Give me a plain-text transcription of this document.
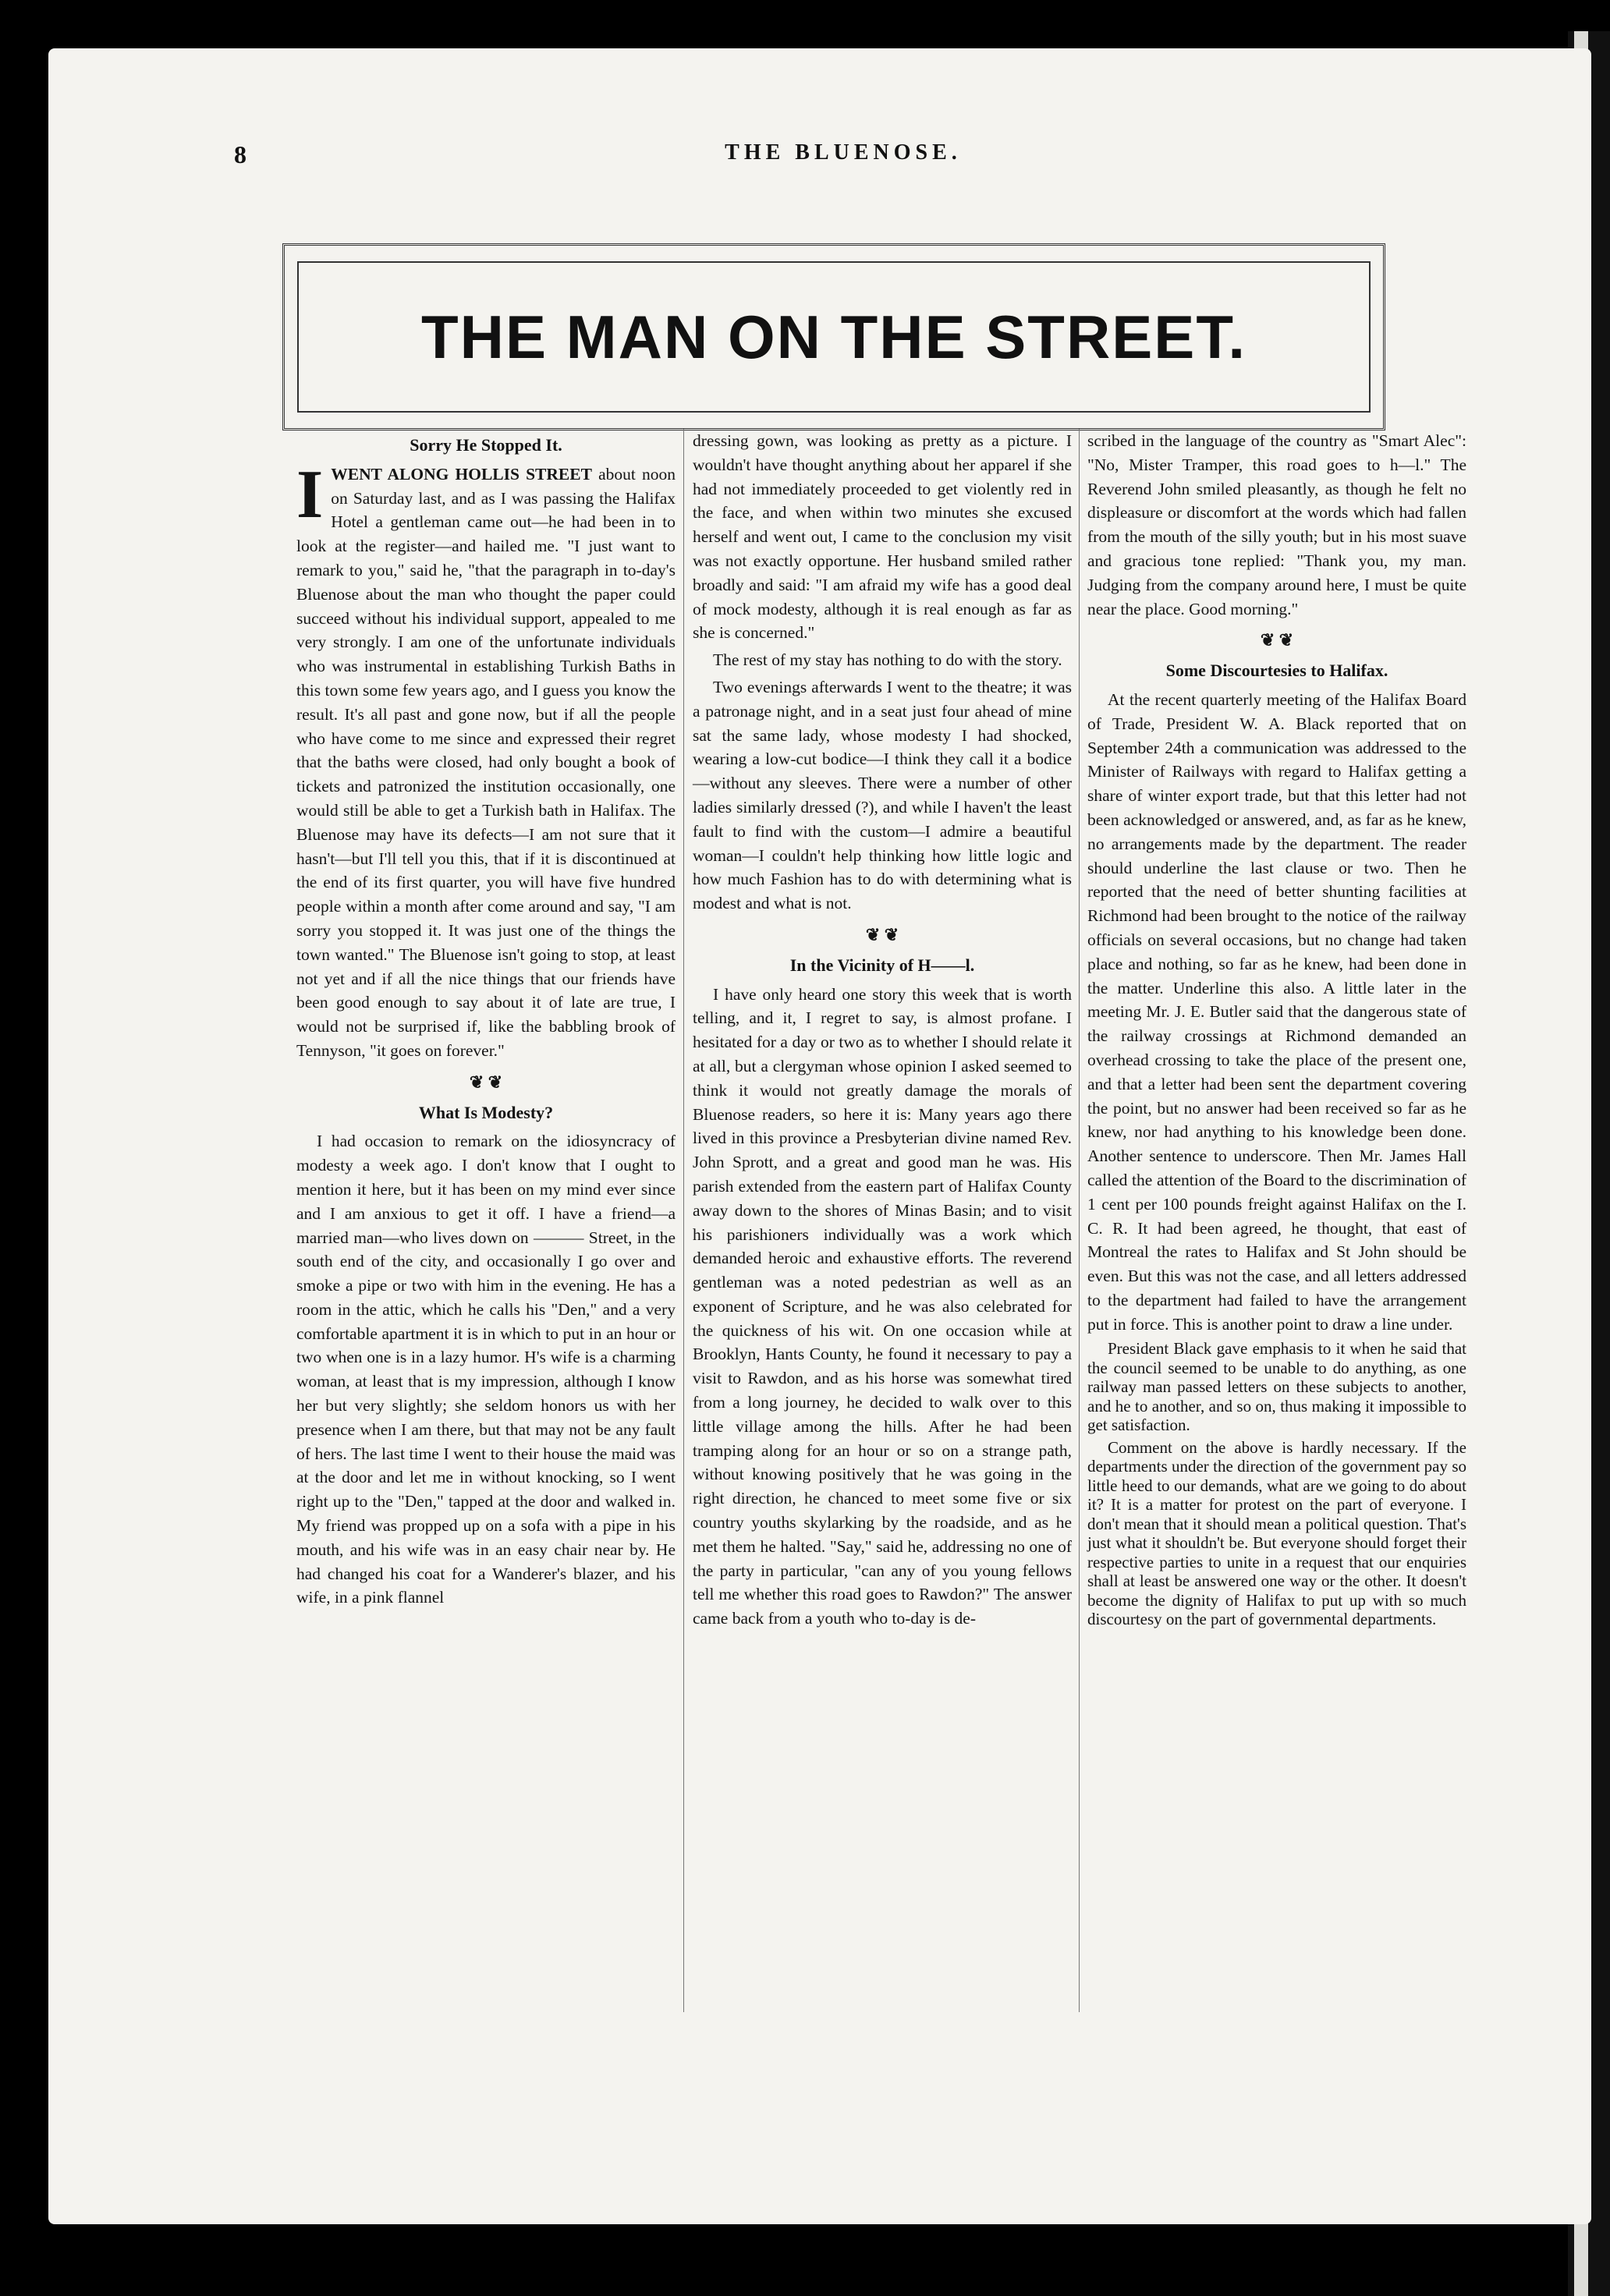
8	THE BLUENOSE.
THE MAN ON THE STREET.
Sorry He Stopped It.

IWENT ALONG HOLLIS STREET about noon on Saturday last, and as I was passing the Halifax Hotel a gentleman came out—he had been in to look at the register—and hailed me. "I just want to remark to you," said he, "that the paragraph in to-day's Bluenose about the man who thought the paper could succeed without his individual support, appealed to me very strongly. I am one of the unfortunate individuals who was instrumental in establishing Turkish Baths in this town some few years ago, and I guess you know the result. It's all past and gone now, but if all the people who have come to me since and expressed their regret that the baths were closed, had only bought a book of tickets and patronized the institution occasionally, one would still be able to get a Turkish bath in Halifax. The Bluenose may have its defects—I am not sure that it hasn't—but I'll tell you this, that if it is discontinued at the end of its first quarter, you will have five hundred people within a month after come around and say, "I am sorry you stopped it. It was just one of the things the town wanted." The Bluenose isn't going to stop, at least not yet and if all the nice things that our friends have been good enough to say about it of late are true, I would not be surprised if, like the babbling brook of Tennyson, "it goes on forever."

❦ ❦
What Is Modesty?

I had occasion to remark on the idiosyncracy of modesty a week ago. I don't know that I ought to mention it here, but it has been on my mind ever since and I am anxious to get it off. I have a friend—a married man—who lives down on ——— Street, in the south end of the city, and occasionally I go over and smoke a pipe or two with him in the evening. He has a room in the attic, which he calls his "Den," and a very comfortable apartment it is in which to put in an hour or two when one is in a lazy humor. H's wife is a charming woman, at least that is my impression, although I know her but very slightly; she seldom honors us with her presence when I am there, but that may not be any fault of hers. The last time I went to their house the maid was at the door and let me in without knocking, so I went right up to the "Den," tapped at the door and walked in. My friend was propped up on a sofa with a pipe in his mouth, and his wife was in an easy chair near by. He had changed his coat for a Wanderer's blazer, and his wife, in a pink flannel

dressing gown, was looking as pretty as a picture. I wouldn't have thought anything about her apparel if she had not immediately proceeded to get violently red in the face, and when within two minutes she excused herself and went out, I came to the conclusion my visit was not exactly opportune. Her husband smiled rather broadly and said: "I am afraid my wife has a good deal of mock modesty, although it is real enough as far as she is concerned."

The rest of my stay has nothing to do with the story.

Two evenings afterwards I went to the theatre; it was a patronage night, and in a seat just four ahead of mine sat the same lady, whose modesty I had shocked, wearing a low-cut bodice—I think they call it a bodice—without any sleeves. There were a number of other ladies similarly dressed (?), and while I haven't the least fault to find with the custom—I admire a beautiful woman—I couldn't help thinking how little logic and how much Fashion has to do with determining what is modest and what is not.

❦ ❦
In the Vicinity of H——l.

I have only heard one story this week that is worth telling, and it, I regret to say, is almost profane. I hesitated for a day or two as to whether I should relate it at all, but a clergyman whose opinion I asked seemed to think it would not greatly damage the morals of Bluenose readers, so here it is: Many years ago there lived in this province a Presbyterian divine named Rev. John Sprott, and a great and good man he was. His parish extended from the eastern part of Halifax County away down to the shores of Minas Basin; and to visit his parishioners individually was a work which demanded heroic and exhaustive efforts. The reverend gentleman was a noted pedestrian as well as an exponent of Scripture, and he was also celebrated for the quickness of his wit. On one occasion while at Brooklyn, Hants County, he found it necessary to pay a visit to Rawdon, and as his horse was somewhat tired from a long journey, he decided to walk over to this little village among the hills. After he had been tramping along for an hour or so on a strange path, without knowing positively that he was going in the right direction, he chanced to meet some five or six country youths skylarking by the roadside, and as he met them he halted. "Say," said he, addressing no one of the party in particular, "can any of you young fellows tell me whether this road goes to Rawdon?" The answer came back from a youth who to-day is de-

scribed in the language of the country as "Smart Alec": "No, Mister Tramper, this road goes to h—l." The Reverend John smiled pleasantly, as though he felt no displeasure or discomfort at the words which had fallen from the mouth of the silly youth; but in his most suave and gracious tone replied: "Thank you, my man. Judging from the company around here, I must be quite near the place. Good morning."

❦ ❦
Some Discourtesies to Halifax.

At the recent quarterly meeting of the Halifax Board of Trade, President W. A. Black reported that on September 24th a communication was addressed to the Minister of Railways with regard to Halifax getting a share of winter export trade, but that this letter had not been acknowledged or answered, and, as far as he knew, no arrangements made by the department. The reader should underline the last clause or two. Then he reported that the need of better shunting facilities at Richmond had been brought to the notice of the railway officials on several occasions, but no change had taken place and nothing, so far as he knew, had been done in the matter. Underline this also. A little later in the meeting Mr. J. E. Butler said that the dangerous state of the railway crossings at Richmond demanded an overhead crossing to take the place of the present one, and that a letter had been sent the department covering the point, but no answer had been received so far as he knew, nor had anything to his knowledge been done. Another sentence to underscore. Then Mr. James Hall called the attention of the Board to the discrimination of 1 cent per 100 pounds freight against Halifax on the I. C. R. It had been agreed, he thought, that east of Montreal the rates to Halifax and St John should be even. But this was not the case, and all letters addressed to the department had failed to have the arrangement put in force. This is another point to draw a line under.

President Black gave emphasis to it when he said that the council seemed to be unable to do anything, as one railway man passed letters on these subjects to another, and he to another, and so on, thus making it impossible to get satisfaction.

Comment on the above is hardly necessary. If the departments under the direction of the government pay so little heed to our demands, what are we going to do about it? It is a matter for protest on the part of everyone. I don't mean that it should mean a political question. That's just what it shouldn't be. But everyone should forget their respective parties to unite in a request that our enquiries shall at least be answered one way or the other. It doesn't become the dignity of Halifax to put up with so much discourtesy on the part of governmental departments.
